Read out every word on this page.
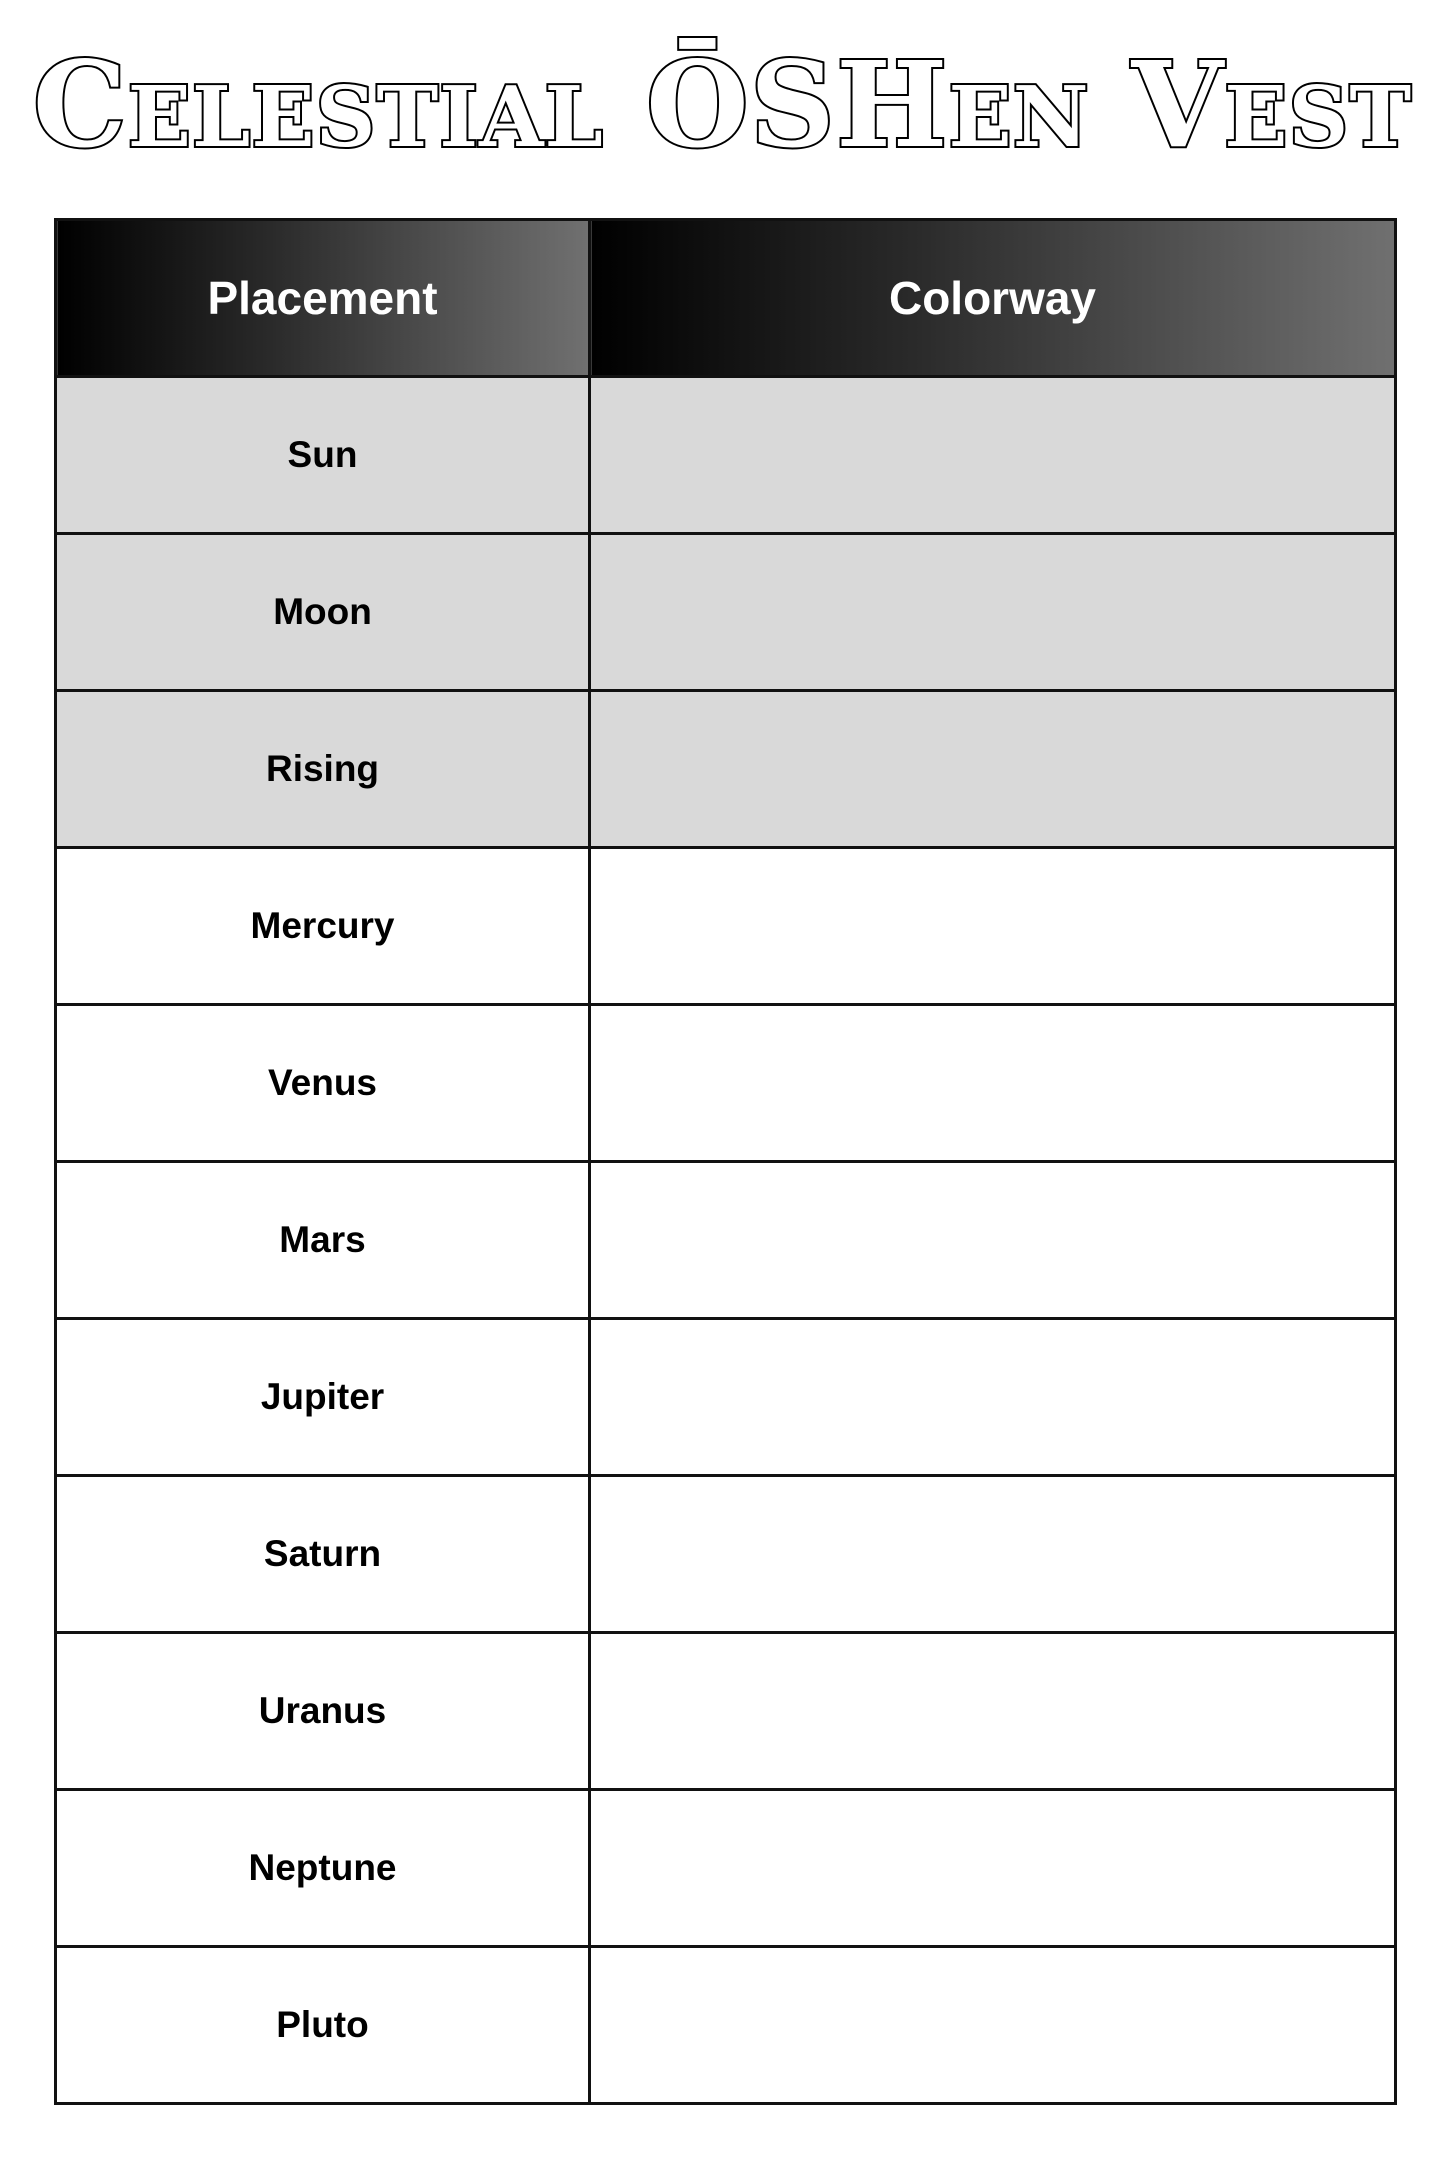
Celestial ŌSHen Vest
Placement	Colorway
Sun	
Moon	
Rising	
Mercury	
Venus	
Mars	
Jupiter	
Saturn	
Uranus	
Neptune	
Pluto	
